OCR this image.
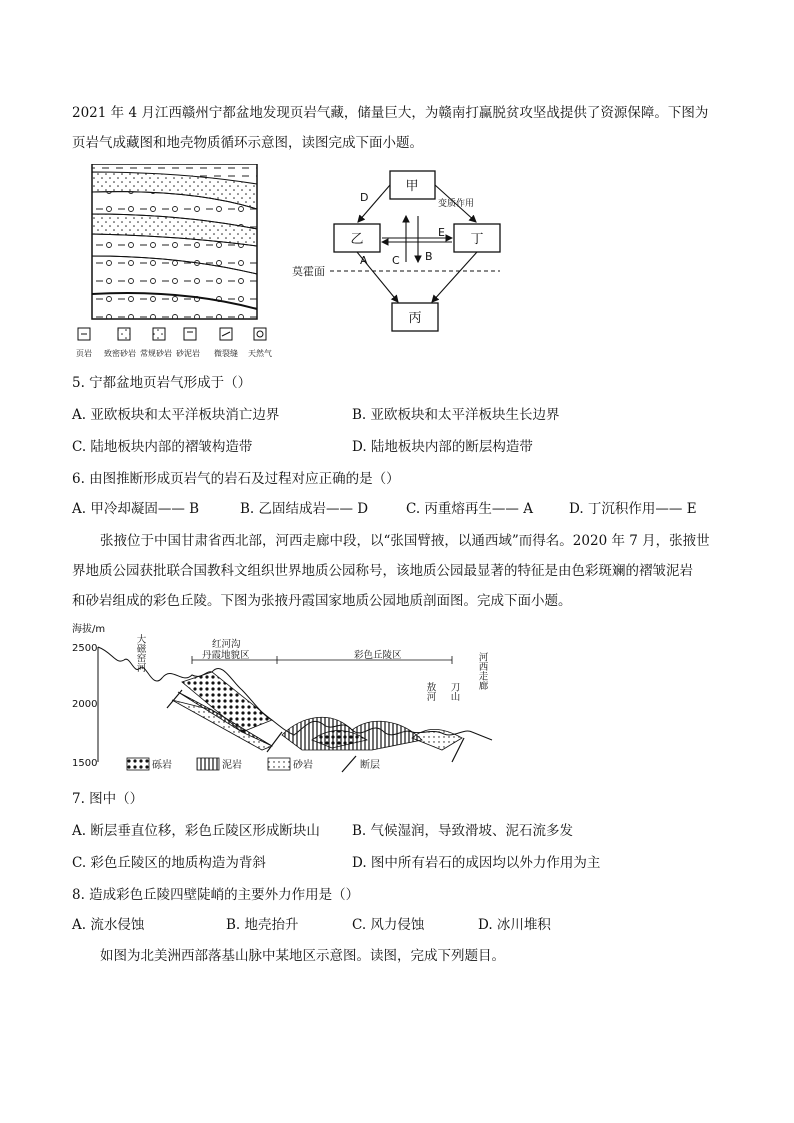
2021 年 4 月江西赣州宁都盆地发现页岩气藏，储量巨大，为赣南打赢脱贫攻坚战提供了资源保障。下图为
页岩气成藏图和地壳物质循环示意图，读图完成下面小题。
页岩 致密砂岩 常规砂岩 砂泥岩 微裂缝 天然气
甲
乙	丁
丙
D	变质作用
E
A C B
莫霍面
5. 宁都盆地页岩气形成于（）
A. 亚欧板块和太平洋板块消亡边界	B. 亚欧板块和太平洋板块生长边界
C. 陆地板块内部的褶皱构造带	D. 陆地板块内部的断层构造带
6. 由图推断形成页岩气的岩石及过程对应正确的是（）
A. 甲冷却凝固—— B	B. 乙固结成岩—— D	C. 丙重熔再生—— A	D. 丁沉积作用—— E
张掖位于中国甘肃省西北部，河西走廊中段，以“张国臂掖，以通西域”而得名。2020 年 7 月，张掖世
界地质公园获批联合国教科文组织世界地质公园称号，该地质公园最显著的特征是由色彩斑斓的褶皱泥岩
和砂岩组成的彩色丘陵。下图为张掖丹霞国家地质公园地质剖面图。完成下面小题。
海拔/m
2500
2000
1500
大磁窑河	红河沟
丹霞地貌区	彩色丘陵区
敖河 刀山
河西走廊
砾岩	泥岩	砂岩	断层
7. 图中（）
A. 断层垂直位移，彩色丘陵区形成断块山 B. 气候湿润，导致滑坡、泥石流多发
C. 彩色丘陵区的地质构造为背斜	D. 图中所有岩石的成因均以外力作用为主
8. 造成彩色丘陵四壁陡峭的主要外力作用是（）
A. 流水侵蚀	B. 地壳抬升	C. 风力侵蚀	D. 冰川堆积
如图为北美洲西部落基山脉中某地区示意图。读图，完成下列题目。
